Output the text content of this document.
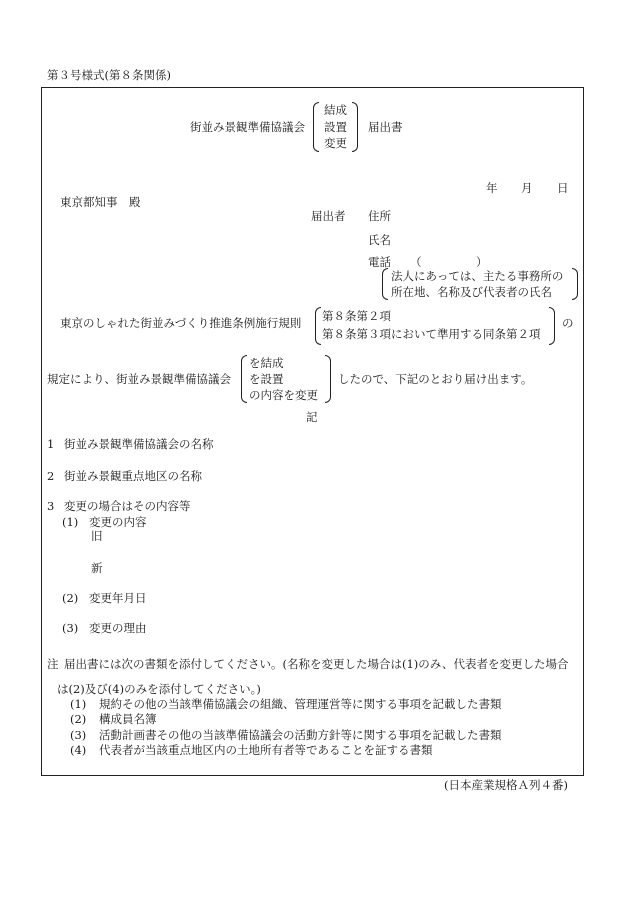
第３号様式(第８条関係)
街並み景観準備協議会
結成
設置
変更
届出書
年 月 日
東京都知事　殿
届出者 住所
氏名
電話 （	）
法人にあっては、主たる事務所の
所在地、名称及び代表者の氏名
東京のしゃれた街並みづくり推進条例施行規則 第８条第２項
第８条第３項において準用する同条第２項
の
規定により、街並み景観準備協議会
を結成
を設置
の内容を変更
したので、下記のとおり届け出ます。
記
1 街並み景観準備協議会の名称
2 街並み景観重点地区の名称
3 変更の場合はその内容等
(1) 変更の内容
旧
新
(2) 変更年月日
(3) 変更の理由
注 届出書には次の書類を添付してください。(名称を変更した場合は(1)のみ、代表者を変更した場合
は(2)及び(4)のみを添付してください。)
(1) 規約その他の当該準備協議会の組織、管理運営等に関する事項を記載した書類
(2) 構成員名簿
(3) 活動計画書その他の当該準備協議会の活動方針等に関する事項を記載した書類
(4) 代表者が当該重点地区内の土地所有者等であることを証する書類
(日本産業規格Ａ列４番)
